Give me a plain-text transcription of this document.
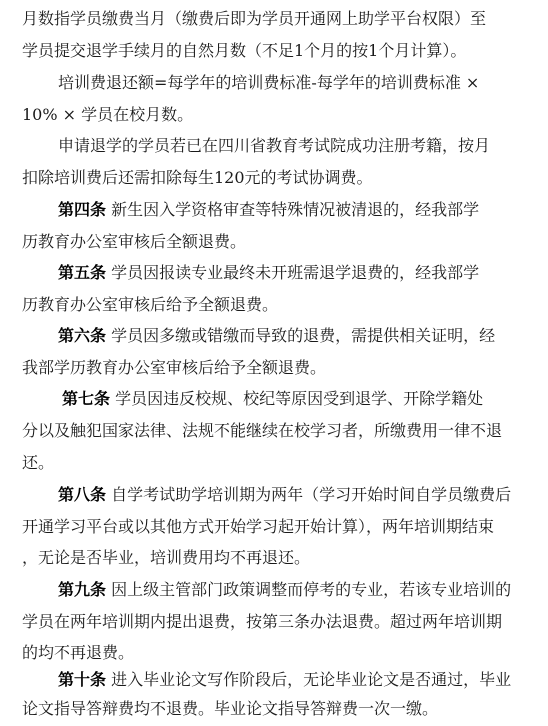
月数指学员缴费当月（缴费后即为学员开通网上助学平台权限）至
学员提交退学手续月的自然月数（不足1个月的按1个月计算）。
培训费退还额=每学年的培训费标准-每学年的培训费标准 ×
10% × 学员在校月数。
申请退学的学员若已在四川省教育考试院成功注册考籍，按月
扣除培训费后还需扣除每生120元的考试协调费。
第四条 新生因入学资格审查等特殊情况被清退的，经我部学
历教育办公室审核后全额退费。
第五条 学员因报读专业最终未开班需退学退费的，经我部学
历教育办公室审核后给予全额退费。
第六条 学员因多缴或错缴而导致的退费，需提供相关证明，经
我部学历教育办公室审核后给予全额退费。
第七条 学员因违反校规、校纪等原因受到退学、开除学籍处
分以及触犯国家法律、法规不能继续在校学习者，所缴费用一律不退
还。
第八条 自学考试助学培训期为两年（学习开始时间自学员缴费后
开通学习平台或以其他方式开始学习起开始计算），两年培训期结束
，无论是否毕业，培训费用均不再退还。
第九条 因上级主管部门政策调整而停考的专业，若该专业培训的
学员在两年培训期内提出退费，按第三条办法退费。超过两年培训期
的均不再退费。
第十条 进入毕业论文写作阶段后，无论毕业论文是否通过，毕业
论文指导答辩费均不退费。毕业论文指导答辩费一次一缴。
